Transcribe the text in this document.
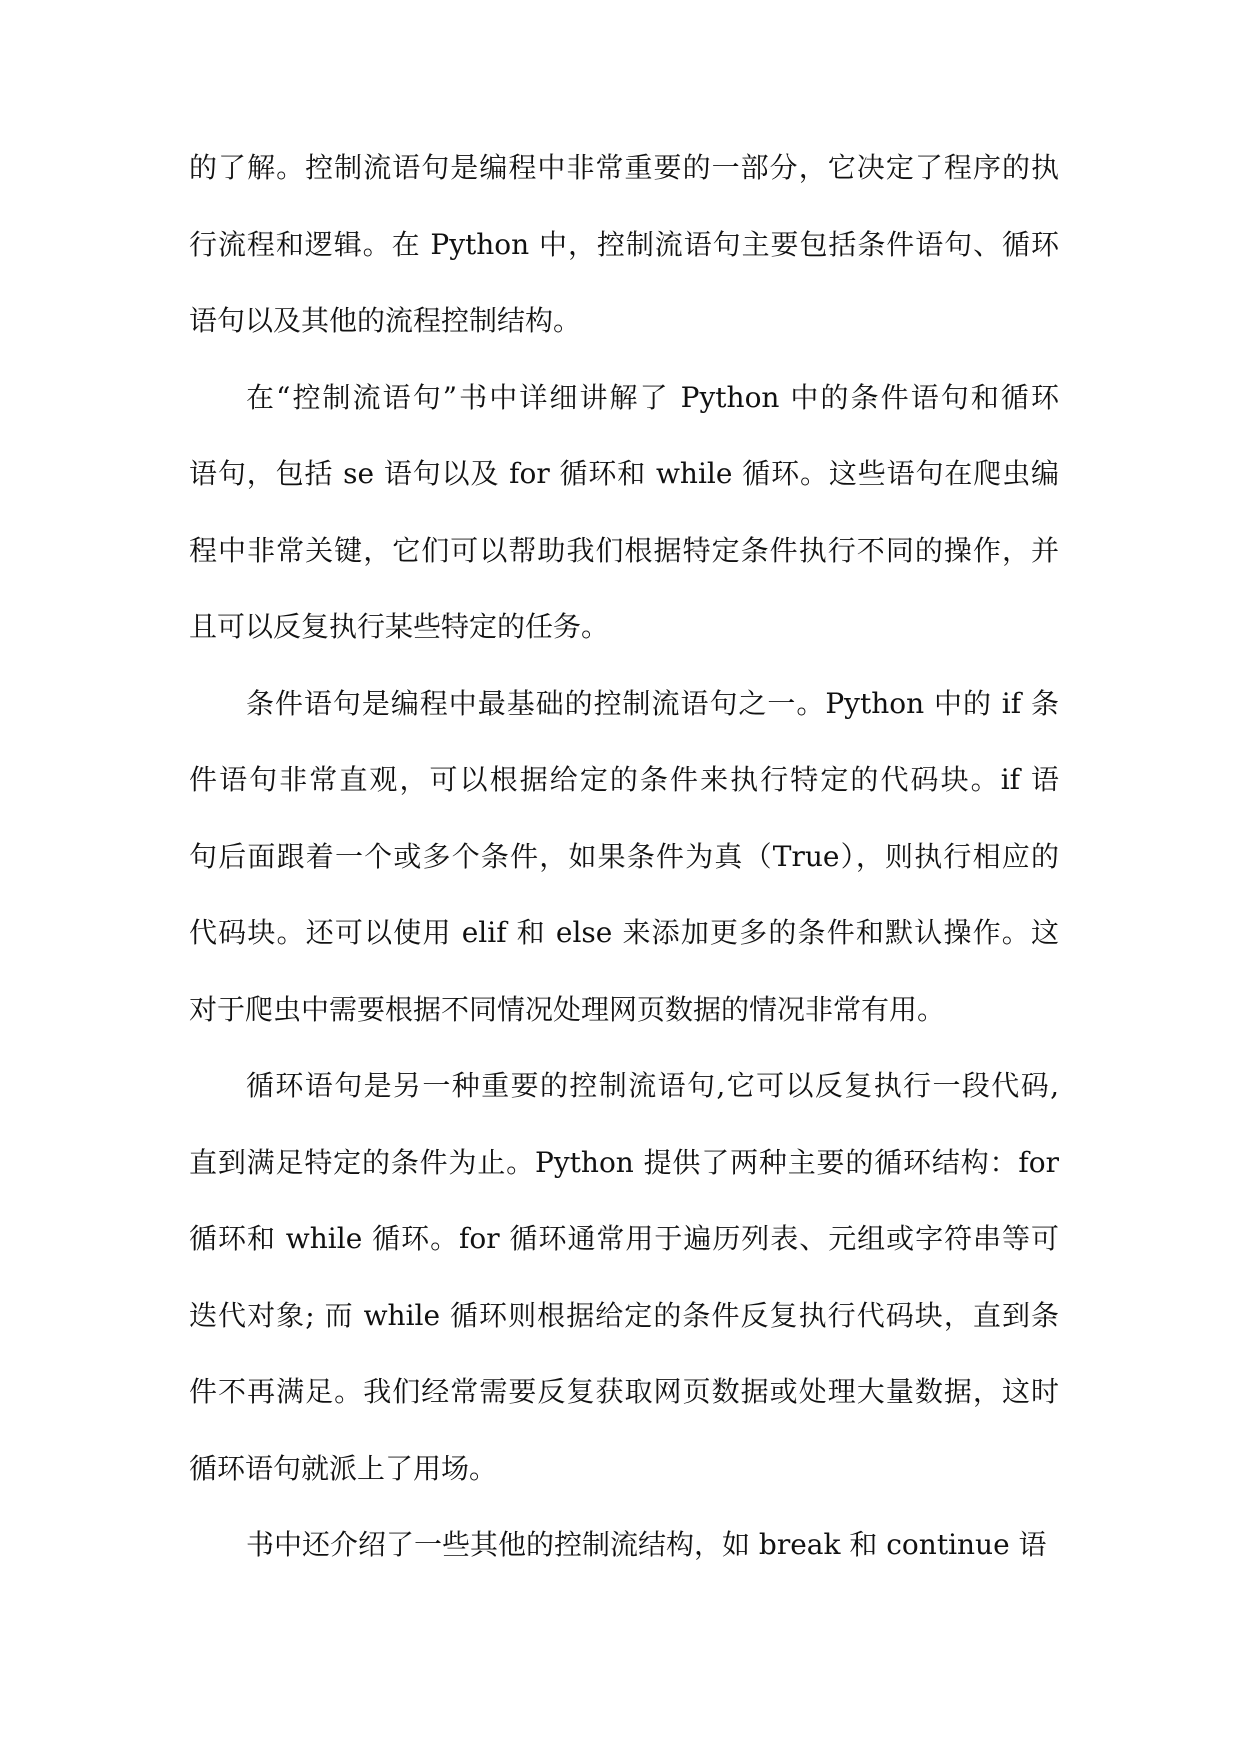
的了解。控制流语句是编程中非常重要的一部分，它决定了程序的执
行流程和逻辑。在 Python 中，控制流语句主要包括条件语句、循环
语句以及其他的流程控制结构。
在“控制流语句”书中详细讲解了 Python 中的条件语句和循环
语句，包括 se 语句以及 for 循环和 while 循环。这些语句在爬虫编
程中非常关键，它们可以帮助我们根据特定条件执行不同的操作，并
且可以反复执行某些特定的任务。
条件语句是编程中最基础的控制流语句之一。Python 中的 if 条
件语句非常直观，可以根据给定的条件来执行特定的代码块。if 语
句后面跟着一个或多个条件，如果条件为真（True），则执行相应的
代码块。还可以使用 elif 和 else 来添加更多的条件和默认操作。这
对于爬虫中需要根据不同情况处理网页数据的情况非常有用。
循环语句是另一种重要的控制流语句,它可以反复执行一段代码,
直到满足特定的条件为止。Python 提供了两种主要的循环结构：for
循环和 while 循环。for 循环通常用于遍历列表、元组或字符串等可
迭代对象; 而 while 循环则根据给定的条件反复执行代码块，直到条
件不再满足。我们经常需要反复获取网页数据或处理大量数据，这时
循环语句就派上了用场。
书中还介绍了一些其他的控制流结构，如 break 和 continue 语
